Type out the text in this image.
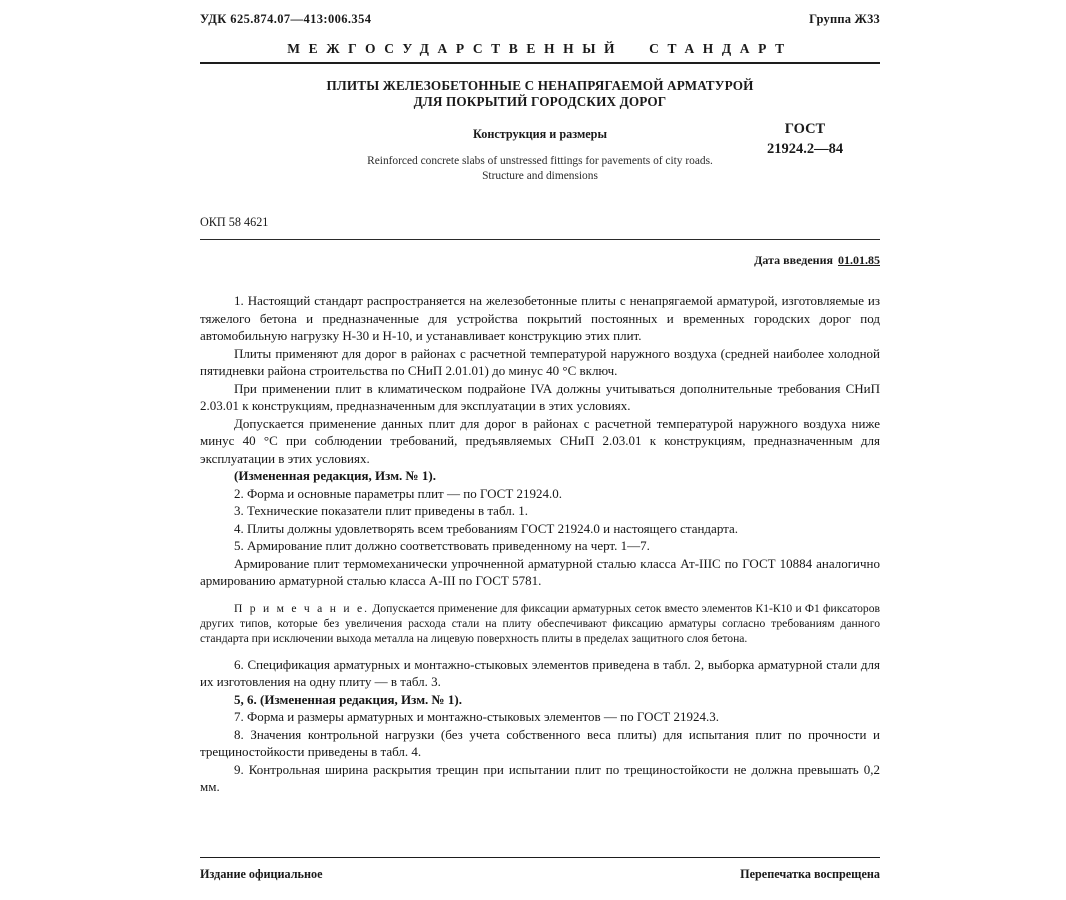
УДК 625.874.07—413:006.354	Группа Ж33
МЕЖГОСУДАРСТВЕННЫЙ СТАНДАРТ
ПЛИТЫ ЖЕЛЕЗОБЕТОННЫЕ С НЕНАПРЯГАЕМОЙ АРМАТУРОЙ
ДЛЯ ПОКРЫТИЙ ГОРОДСКИХ ДОРОГ
Конструкция и размеры
Reinforced concrete slabs of unstressed fittings for pavements of city roads.
Structure and dimensions
ГОСТ
21924.2—84
ОКП 58 4621
Дата введения 01.01.85

1. Настоящий стандарт распространяется на железобетонные плиты с ненапрягаемой арматурой, изготовляемые из тяжелого бетона и предназначенные для устройства покрытий постоянных и временных городских дорог под автомобильную нагрузку Н-30 и Н-10, и устанавливает конструкцию этих плит.

Плиты применяют для дорог в районах с расчетной температурой наружного воздуха (средней наиболее холодной пятидневки района строительства по СНиП 2.01.01) до минус 40 °С включ.

При применении плит в климатическом подрайоне IVA должны учитываться дополнительные требования СНиП 2.03.01 к конструкциям, предназначенным для эксплуатации в этих условиях.

Допускается применение данных плит для дорог в районах с расчетной температурой наружного воздуха ниже минус 40 °С при соблюдении требований, предъявляемых СНиП 2.03.01 к конструкциям, предназначенным для эксплуатации в этих условиях.

(Измененная редакция, Изм. № 1).

2. Форма и основные параметры плит — по ГОСТ 21924.0.

3. Технические показатели плит приведены в табл. 1.

4. Плиты должны удовлетворять всем требованиям ГОСТ 21924.0 и настоящего стандарта.

5. Армирование плит должно соответствовать приведенному на черт. 1—7.

Армирование плит термомеханически упрочненной арматурной сталью класса Ат-IIIC по ГОСТ 10884 аналогично армированию арматурной сталью класса А-III по ГОСТ 5781.

П р и м е ч а н и е. Допускается применение для фиксации арматурных сеток вместо элементов К1-К10 и Ф1 фиксаторов других типов, которые без увеличения расхода стали на плиту обеспечивают фиксацию арматуры согласно требованиям данного стандарта при исключении выхода металла на лицевую поверхность плиты в пределах защитного слоя бетона.

6. Спецификация арматурных и монтажно-стыковых элементов приведена в табл. 2, выборка арматурной стали для их изготовления на одну плиту — в табл. 3.

5, 6. (Измененная редакция, Изм. № 1).

7. Форма и размеры арматурных и монтажно-стыковых элементов — по ГОСТ 21924.3.

8. Значения контрольной нагрузки (без учета собственного веса плиты) для испытания плит по прочности и трещиностойкости приведены в табл. 4.

9. Контрольная ширина раскрытия трещин при испытании плит по трещиностойкости не должна превышать 0,2 мм.

Издание официальное	Перепечатка воспрещена
